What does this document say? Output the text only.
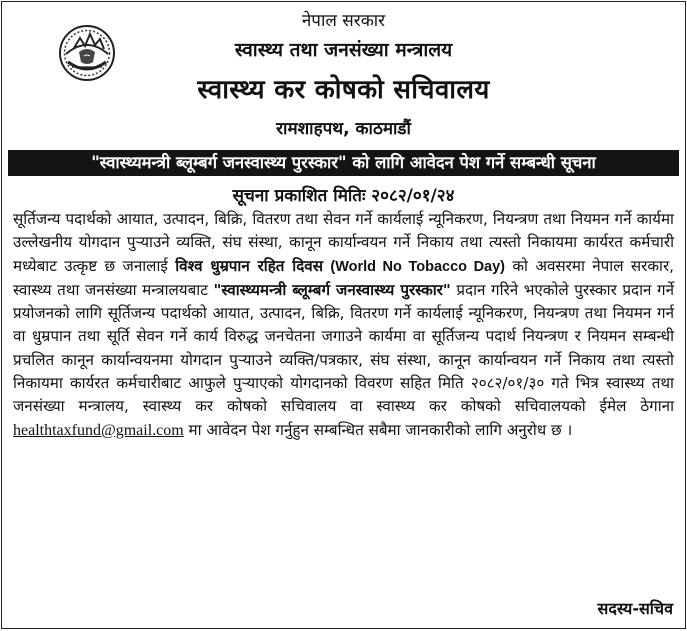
नेपाल सरकार
स्वास्थ्य तथा जनसंख्या मन्त्रालय
स्वास्थ्य कर कोषको सचिवालय
रामशाहपथ, काठमाडौं
"स्वास्थ्यमन्त्री ब्लूम्बर्ग जनस्वास्थ्य पुरस्कार" को लागि आवेदन पेश गर्ने सम्बन्धी सूचना
सूचना प्रकाशित मितिः २०८२/०१/२४
सूर्तिजन्य पदार्थको आयात, उत्पादन, बिक्रि, वितरण तथा सेवन गर्ने कार्यलाई न्यूनिकरण, नियन्त्रण तथा नियमन गर्ने कार्यमा उल्लेखनीय योगदान पुऱ्याउने व्यक्ति, संघ संस्था, कानून कार्यान्वयन गर्ने निकाय तथा त्यस्तो निकायमा कार्यरत कर्मचारी मध्येबाट उत्कृष्ट छ जनालाई विश्व धुम्रपान रहित दिवस (World No Tobacco Day) को अवसरमा नेपाल सरकार, स्वास्थ्य तथा जनसंख्या मन्त्रालयबाट "स्वास्थ्यमन्त्री ब्लूम्बर्ग जनस्वास्थ्य पुरस्कार" प्रदान गरिने भएकोले पुरस्कार प्रदान गर्ने प्रयोजनको लागि सूर्तिजन्य पदार्थको आयात, उत्पादन, बिक्रि, वितरण गर्ने कार्यलाई न्यूनिकरण, नियन्त्रण तथा नियमन गर्न वा धुम्रपान तथा सूर्ति सेवन गर्ने कार्य विरुद्ध जनचेतना जगाउने कार्यमा वा सूर्तिजन्य पदार्थ नियन्त्रण र नियमन सम्बन्धी प्रचलित कानून कार्यान्वयनमा योगदान पुऱ्याउने व्यक्ति/पत्रकार, संघ संस्था, कानून कार्यान्वयन गर्ने निकाय तथा त्यस्तो निकायमा कार्यरत कर्मचारीबाट आफुले पुऱ्याएको योगदानको विवरण सहित मिति २०८२/०१/३० गते भित्र स्वास्थ्य तथा जनसंख्या मन्त्रालय, स्वास्थ्य कर कोषको सचिवालय वा स्वास्थ्य कर कोषको सचिवालयको ईमेल ठेगाना healthtaxfund@gmail.com मा आवेदन पेश गर्नुहुन सम्बन्धित सबैमा जानकारीको लागि अनुरोध छ ।
सदस्य-सचिव
